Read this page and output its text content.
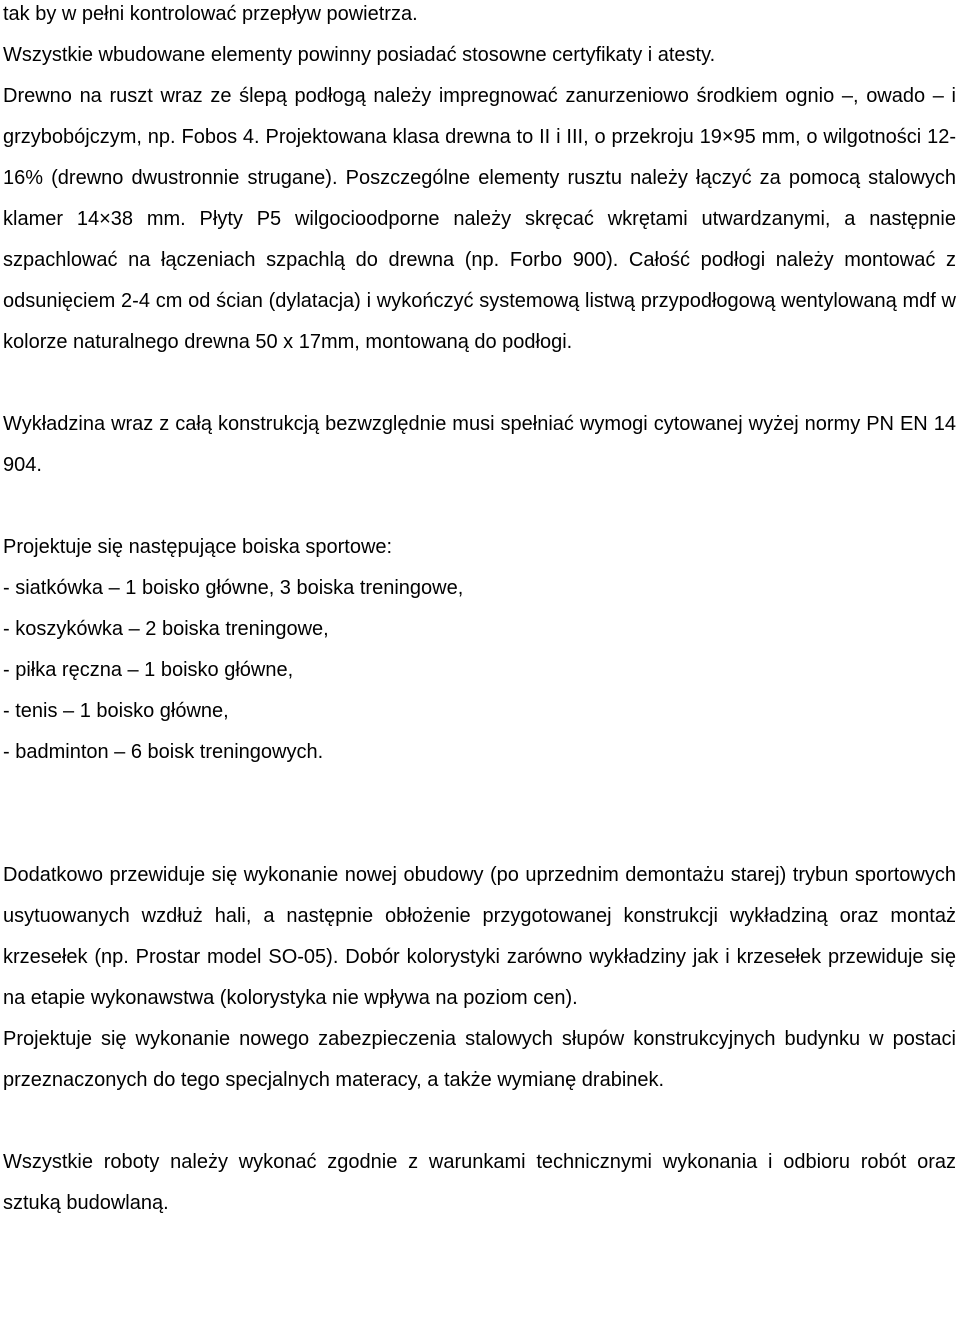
tak by w pełni kontrolować przepływ powietrza.

Wszystkie wbudowane elementy powinny posiadać stosowne certyfikaty i atesty.

Drewno na ruszt wraz ze ślepą podłogą należy impregnować zanurzeniowo środkiem ognio –, owado – i grzybobójczym, np. Fobos 4. Projektowana klasa drewna to II i III, o przekroju 19×95 mm, o wilgotności 12-16% (drewno dwustronnie strugane). Poszczególne elementy rusztu należy łączyć za pomocą stalowych klamer 14×38 mm. Płyty P5 wilgocioodporne należy skręcać wkrętami utwardzanymi, a następnie szpachlować na łączeniach szpachlą do drewna (np. Forbo 900). Całość podłogi należy montować z odsunięciem 2-4 cm od ścian (dylatacja) i wykończyć systemową listwą przypodłogową wentylowaną mdf w kolorze naturalnego drewna 50 x 17mm, montowaną do podłogi.

Wykładzina wraz z całą konstrukcją bezwzględnie musi spełniać wymogi cytowanej wyżej normy PN EN 14 904.

Projektuje się następujące boiska sportowe:

- siatkówka – 1 boisko główne, 3 boiska treningowe,
- koszykówka – 2 boiska treningowe,
- piłka ręczna – 1 boisko główne,
- tenis – 1 boisko główne,
- badminton – 6 boisk treningowych.

Dodatkowo przewiduje się wykonanie nowej obudowy (po uprzednim demontażu starej) trybun sportowych usytuowanych wzdłuż hali, a następnie obłożenie przygotowanej konstrukcji wykładziną oraz montaż krzesełek (np. Prostar model SO-05). Dobór kolorystyki zarówno wykładziny jak i krzesełek przewiduje się na etapie wykonawstwa (kolorystyka nie wpływa na poziom cen).

Projektuje się wykonanie nowego zabezpieczenia stalowych słupów konstrukcyjnych budynku w postaci przeznaczonych do tego specjalnych materacy, a także wymianę drabinek.

Wszystkie roboty należy wykonać zgodnie z warunkami technicznymi wykonania i odbioru robót oraz sztuką budowlaną.
